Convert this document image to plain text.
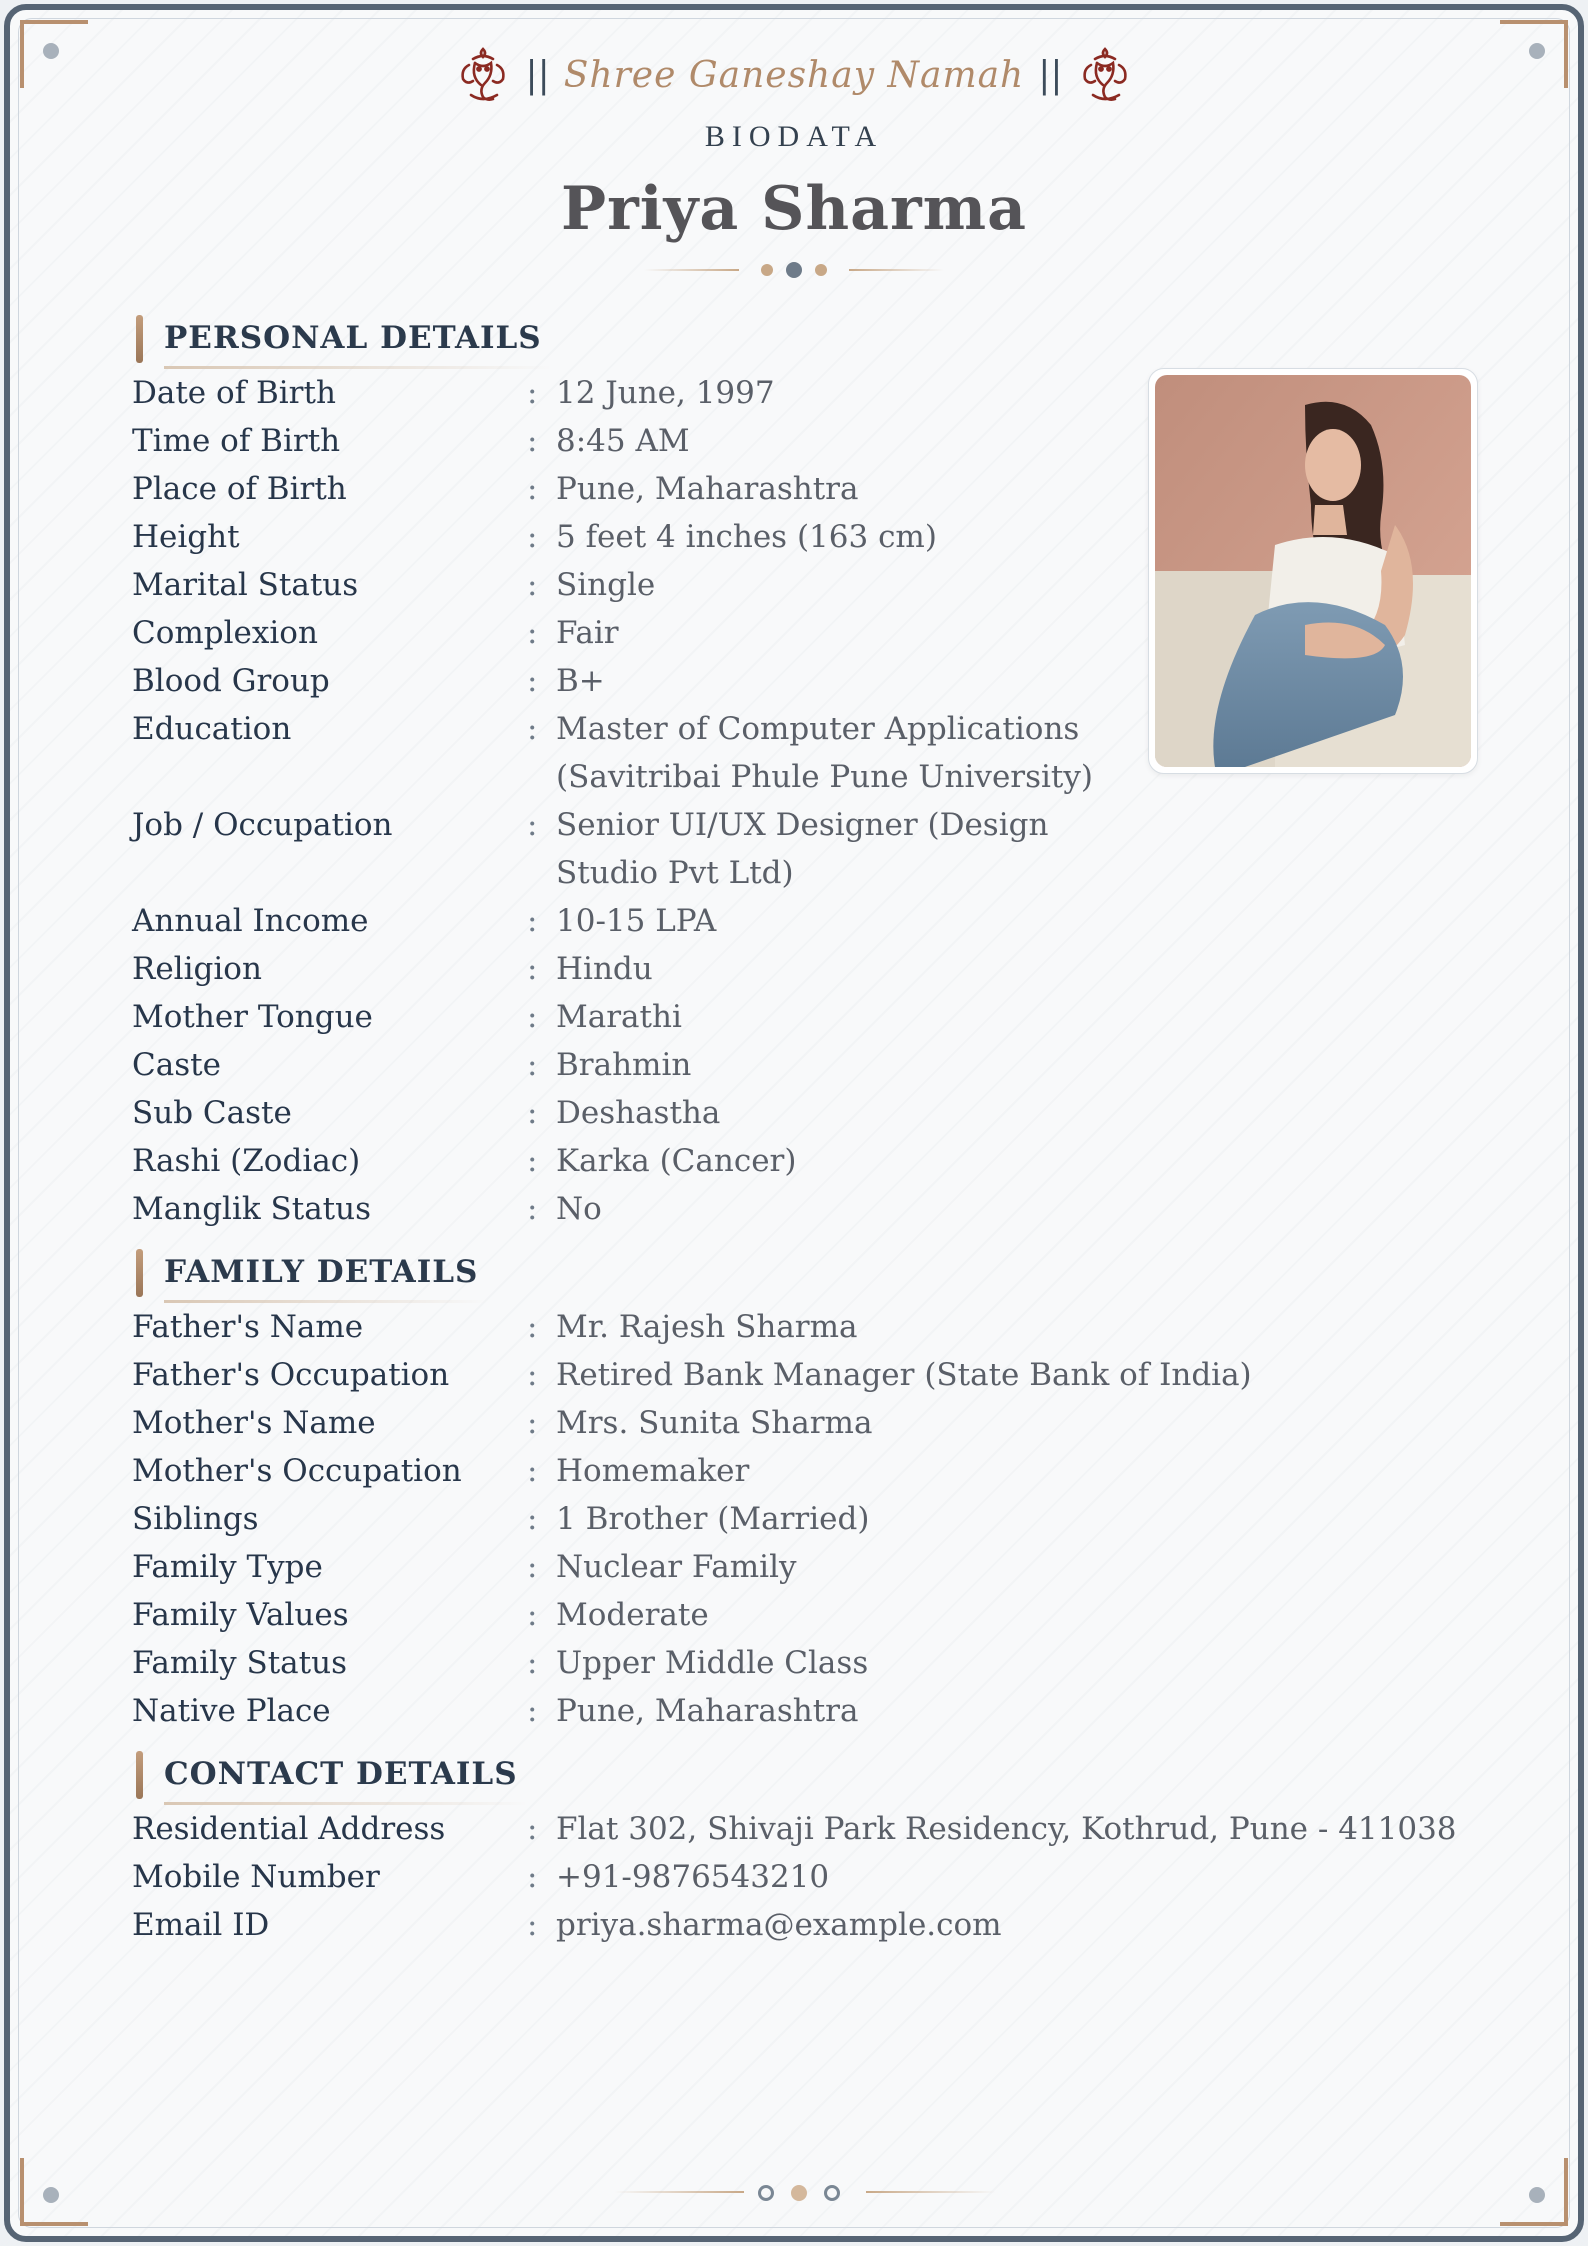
|| Shree Ganeshay Namah ||
BIODATA
Priya Sharma
PERSONAL DETAILS
Date of Birth	: 12 June, 1997
Time of Birth	: 8:45 AM
Place of Birth	: Pune, Maharashtra
Height	: 5 feet 4 inches (163 cm)
Marital Status	: Single
Complexion	: Fair
Blood Group	: B+
Education	: Master of Computer Applications (Savitribai Phule Pune University)
Job / Occupation	: Senior UI/UX Designer (Design Studio Pvt Ltd)
Annual Income	: 10-15 LPA
Religion	: Hindu
Mother Tongue	: Marathi
Caste	: Brahmin
Sub Caste	: Deshastha
Rashi (Zodiac)	: Karka (Cancer)
Manglik Status	: No
FAMILY DETAILS
Father's Name	: Mr. Rajesh Sharma
Father's Occupation	: Retired Bank Manager (State Bank of India)
Mother's Name	: Mrs. Sunita Sharma
Mother's Occupation	: Homemaker
Siblings	: 1 Brother (Married)
Family Type	: Nuclear Family
Family Values	: Moderate
Family Status	: Upper Middle Class
Native Place	: Pune, Maharashtra
CONTACT DETAILS
Residential Address	: Flat 302, Shivaji Park Residency, Kothrud, Pune - 411038
Mobile Number	: +91-9876543210
Email ID	: priya.sharma@example.com
